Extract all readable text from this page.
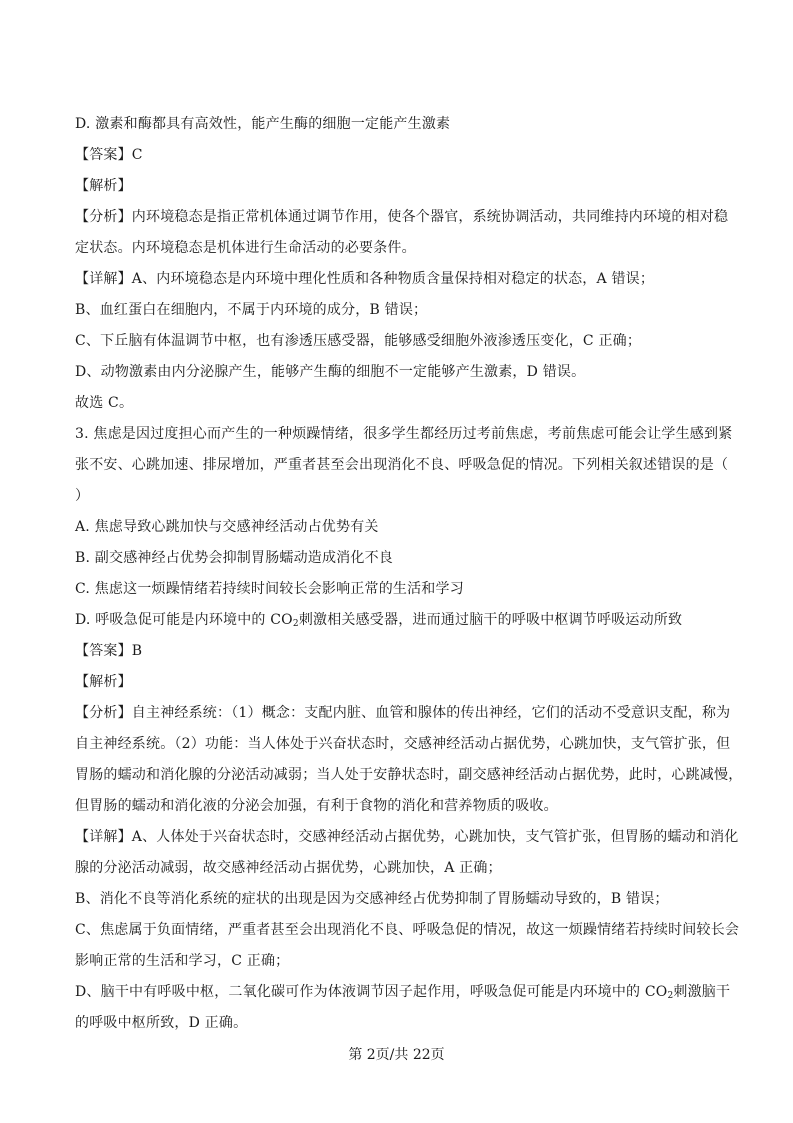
D. 激素和酶都具有高效性，能产生酶的细胞一定能产生激素
【答案】C
【解析】
【分析】内环境稳态是指正常机体通过调节作用，使各个器官，系统协调活动，共同维持内环境的相对稳
定状态。内环境稳态是机体进行生命活动的必要条件。
【详解】A、内环境稳态是内环境中理化性质和各种物质含量保持相对稳定的状态，A 错误；
B、血红蛋白在细胞内，不属于内环境的成分，B 错误；
C、下丘脑有体温调节中枢，也有渗透压感受器，能够感受细胞外液渗透压变化，C 正确；
D、动物激素由内分泌腺产生，能够产生酶的细胞不一定能够产生激素，D 错误。
故选 C。
3. 焦虑是因过度担心而产生的一种烦躁情绪，很多学生都经历过考前焦虑，考前焦虑可能会让学生感到紧
张不安、心跳加速、排尿增加，严重者甚至会出现消化不良、呼吸急促的情况。下列相关叙述错误的是（
）
A. 焦虑导致心跳加快与交感神经活动占优势有关
B. 副交感神经占优势会抑制胃肠蠕动造成消化不良
C. 焦虑这一烦躁情绪若持续时间较长会影响正常的生活和学习
D. 呼吸急促可能是内环境中的 $CO_2$刺激相关感受器，进而通过脑干的呼吸中枢调节呼吸运动所致
【答案】B
【解析】
【分析】自主神经系统：（1）概念：支配内脏、血管和腺体的传出神经，它们的活动不受意识支配，称为
自主神经系统。（2）功能：当人体处于兴奋状态时，交感神经活动占据优势，心跳加快，支气管扩张，但
胃肠的蠕动和消化腺的分泌活动减弱；当人处于安静状态时，副交感神经活动占据优势，此时，心跳减慢，
但胃肠的蠕动和消化液的分泌会加强，有利于食物的消化和营养物质的吸收。
【详解】A、人体处于兴奋状态时，交感神经活动占据优势，心跳加快，支气管扩张，但胃肠的蠕动和消化
腺的分泌活动减弱，故交感神经活动占据优势，心跳加快，A 正确；
B、消化不良等消化系统的症状的出现是因为交感神经占优势抑制了胃肠蠕动导致的，B 错误；
C、焦虑属于负面情绪，严重者甚至会出现消化不良、呼吸急促的情况，故这一烦躁情绪若持续时间较长会
影响正常的生活和学习，C 正确；
D、脑干中有呼吸中枢，二氧化碳可作为体液调节因子起作用，呼吸急促可能是内环境中的 $CO_2$刺激脑干
的呼吸中枢所致，D 正确。
第 2页/共 22页
